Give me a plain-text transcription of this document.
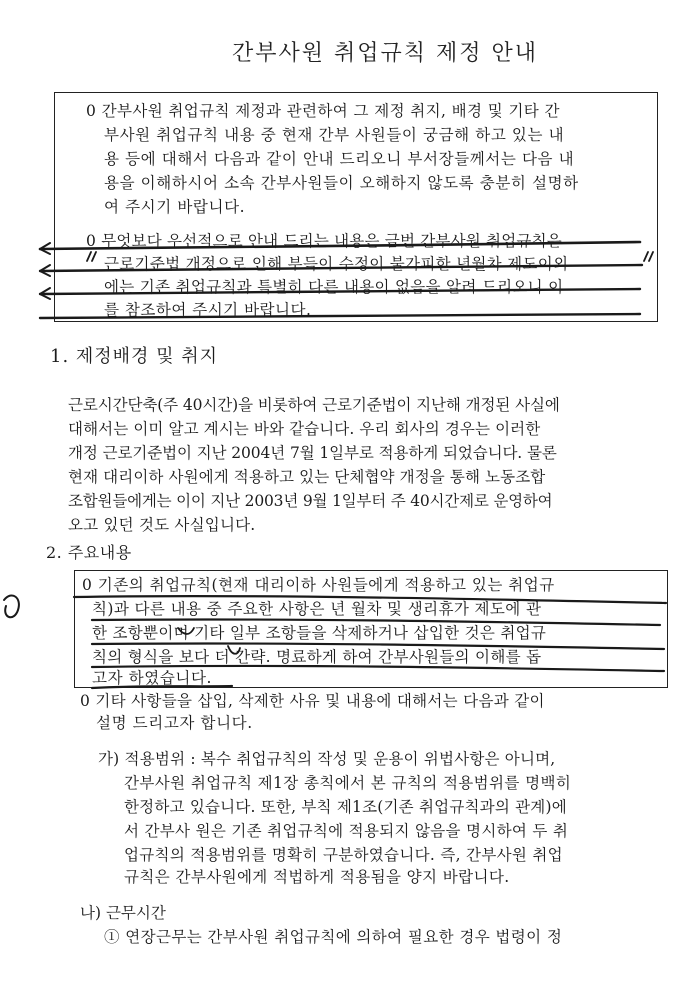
간부사원 취업규칙 제정 안내
0 간부사원 취업규칙 제정과 관련하여 그 제정 취지, 배경 및 기타 간
부사원 취업규칙 내용 중 현재 간부 사원들이 궁금해 하고 있는 내
용 등에 대해서 다음과 같이 안내 드리오니 부서장들께서는 다음 내
용을 이해하시어 소속 간부사원들이 오해하지 않도록 충분히 설명하
여 주시기 바랍니다.
0 무엇보다 우선적으로 안내 드리는 내용은 금번 간부사원 취업규칙은
근로기준법 개정으로 인해 부득이 수정이 불가피한 년월차 제도이외
에는 기존 취업규칙과 특별히 다른 내용이 없음을 알려 드리오니 이
를 참조하여 주시기 바랍니다.
1. 제정배경 및 취지
근로시간단축(주 40시간)을 비롯하여 근로기준법이 지난해 개정된 사실에
대해서는 이미 알고 계시는 바와 같습니다. 우리 회사의 경우는 이러한
개정 근로기준법이 지난 2004년 7월 1일부로 적용하게 되었습니다. 물론
현재 대리이하 사원에게 적용하고 있는 단체협약 개정을 통해 노동조합
조합원들에게는 이이 지난 2003년 9월 1일부터 주 40시간제로 운영하여
오고 있던 것도 사실입니다.
2. 주요내용
0 기존의 취업규칙(현재 대리이하 사원들에게 적용하고 있는 취업규
칙)과 다른 내용 중 주요한 사항은 년 월차 및 생리휴가 제도에 관
한 조항뿐이며 기타 일부 조항들을 삭제하거나 삽입한 것은 취업규
칙의 형식을 보다 더 간략. 명료하게 하여 간부사원들의 이해를 돕
고자 하였습니다.
0 기타 사항들을 삽입, 삭제한 사유 및 내용에 대해서는 다음과 같이
설명 드리고자 합니다.
가) 적용범위 : 복수 취업규칙의 작성 및 운용이 위법사항은 아니며,
간부사원 취업규칙 제1장 총칙에서 본 규칙의 적용범위를 명백히
한정하고 있습니다. 또한, 부칙 제1조(기존 취업규칙과의 관계)에
서 간부사 원은 기존 취업규칙에 적용되지 않음을 명시하여 두 취
업규칙의 적용범위를 명확히 구분하였습니다. 즉, 간부사원 취업
규칙은 간부사원에게 적법하게 적용됨을 양지 바랍니다.
나) 근무시간
① 연장근무는 간부사원 취업규칙에 의하여 필요한 경우 법령이 정
